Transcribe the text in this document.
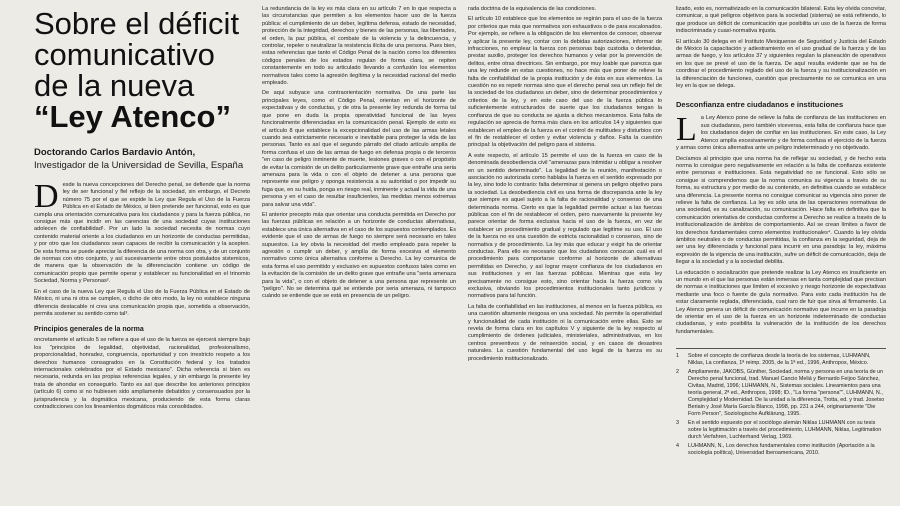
Sobre el déficit
comunicativo
de la nueva
“Ley Atenco”
Doctorando Carlos Bardavio Antón,
Investigador de la Universidad de Sevilla, España
D esde la nueva concepciones del Derecho penal, se defiende que la norma ley de ser funcional y fiel reflejo de la sociedad, sin embargo, el Decreto número 75 por el que se expide la Ley que Regula el Uso de la Fuerza Pública en el Estado de México, si bien pretende ser funcional, esto es que cumpla una orientación comunicativa para los ciudadanos y para la fuerza pública, no consigue más que incidir en las carencias de una sociedad cuyas instituciones adolecen de confiabilidad¹. Por un lado la sociedad necesita de normas cuyo contenido material oriente a los ciudadanos en un horizonte de conductas permitidas, y por otro que los ciudadanos sean capaces de recibir la comunicación y la acepten. De esta forma se puede apreciar la diferencia de una norma con otra, y de un conjunto de normas con otro conjunto, y así sucesivamente entre otros postulados sistemicos, de manera que la observación de la diferenciación contiene un código de comunicación propio que permite operar y establecer su funcionalidad en el trinomio Sociedad, Norma y Personas².

En el caso de la nueva Ley que Regula el Uso de la Fuerza Pública en el Estado de México, ni una ni otra se cumplen, o dicho de otro modo, la ley no establece ninguna diferencia destacable ni crea una comunicación propia que, sometida a observación, permita sostener su sentido como tal³.

Principios generales de la norma

oncretamente el artículo 5 se refiere a que el uso de la fuerza se ejercerá siempre bajo los "principios de legalidad, objetividad, racionalidad, profesionalismo, proporcionalidad, honradez, congruencia, oportunidad y con irrestricto respeto a los derechos humanos consagrados en la Constitución federal y los tratados internacionales celebrados por el Estado mexicano". Dicha referencia si bien es necesaria, redunda en las propias referencias legales, y sin embargo la presente ley trata de ahondar en conseguirlo. Tanto es así que describe los anteriores principios (artículo 6) como si no hubiesen sido ampliamente debatidos y consensuados por la jurisprudencia y la dogmática mexicana, produciendo de esta forma claras contradicciones con los lineamientos dogmáticos más consolidados.

La redundancia de la ley es más clara en su artículo 7 en lo que respecta a las circunstancias que permiten a los elementos hacer uso de la fuerza pública: el cumplimiento de un deber, legítima defensa, estado de necesidad, protección de la integridad, derechos y bienes de las personas, las libertades, el orden, la paz pública, el combate de la violencia y la delincuencia, y controlar, repeler o neutralizar la resistencia ilícita de una persona. Pues bien, estas referencias que tanto el Código Penal de la nación como los diferentes códigos penales de los estados regulan de forma clara, se repiten constantemente en todo su articulado llevando a confusión los elementos normativos tales como la agresión ilegítima y la necesidad racional del medio empleado.

De aquí subyace una contraorientación normativa. De una parte las principales leyes, como el Código Penal, orientan en el horizonte de expectativas y de conductas, y de otra la presente ley redunda de forma tal que pone en duda la propia operatividad funcional de las leyes funcionalmente diferenciadas en la comunicación penal. Ejemplo de esto es el artículo 8 que establece la excepcionalidad del uso de las armas letales cuando sea estrictamente necesario e inevitable para proteger la vida de las personas. Tanto es así que el segundo párrafo del citado artículo amplía de forma confusa el uso de las armas de fuego en defensa propia o de terceros "en caso de peligro inminente de muerte, lesiones graves o con el propósito de evitar la comisión de un delito particularmente grave que entrañe una seria amenaza para la vida o con el objeto de detener a una persona que represente ese peligro y oponga resistencia a su autoridad o por impedir su fuga que, en su huida, ponga en riesgo real, inminente y actual la vida de una persona y en el caso de resultar insuficientes, las medidas menos extremas para salvar una vida".

El anterior precepto más que orientar una conducta permitida en Derecho por las fuerzas públicas en relación a un horizonte de conductas alternativas, establece una única alternativa en el caso de los supuestos contemplados. Es evidente que el uso de armas de fuego no siempre será necesario en tales supuestos. La ley obvia la necesidad del medio empleado para repeler la agresión o cumplir un deber, y amplía de forma excesiva el elemento normativo como única alternativa conforme a Derecho. La ley comunica de esta forma el uso permitido y exclusivo en supuestos confusos tales como en la evitación de la comisión de un delito grave que entrañe una "seria amenaza para la vida", o con el objeto de detener a una persona que represente un "peligro". No se determina qué se entiende por seria amenaza, ni tampoco cuándo se entiende que se está en presencia de un peligro.

rada doctrina de la equivalencia de las condiciones.

El artículo 10 establece que los elementos se regirán para el uso de la fuerza por criterios que más que normativos son exhaustivos o de para escalonados. Por ejemplo, se refiere a la obligación de los elementos de conocer, observar y aplicar la presente ley, contar con la debidas autorizaciones, informar de infracciones, no emplear la fuerza con personas bajo custodia o detenidas, prestar auxilio, proteger los derechos humanos y velar por la prevención de delitos, entre otras directrices. Sin embargo, por muy loable que parezca que una ley redunde en estas cuestiones, no hace más que poner de relieve la falta de confiabilidad de la propia institución y de ésta en sus elementos. La cuestión no es repetir normas sino que el derecho penal sea un reflejo fiel de la sociedad de los ciudadanos un deber, sino de determinar procedimientos y criterios de la ley, y en este caso del uso de la fuerza pública lo suficientemente estructurados de suerte que los ciudadanos tengan la confianza de que su conducta se ajusta a dichos mecanismos. Esta falta de regulación se aprecia de forma más clara en los artículos 14 y siguientes que establecen el empleo de la fuerza en el control de multitudes y disturbios con el fin de restablecer el orden y evitar violencia y daños. Falta la cuestión principal: la objetivación del peligro para el sistema.

A este respecto, el artículo 15 permite el uso de la fuerza en caso de la denominada desobediencia civil "amenazas para intimidar u obligar a resolver en un sentido determinado". La legalidad de la reunión, manifestación o asociación no autorizada como hablaba la fuerza en el sentido expresado por la ley, sino todo lo contrario: falta determinar si genera un peligro objetivo para la sociedad. La desobediencia civil es una forma de discrepancia ante la ley que siempre es aquel sujeto a la falta de racionalidad y consenso de una determinada norma. Cierto es que la legalidad permite actuar a las fuerzas públicas con el fin de restablecer el orden, pero nuevamente la presente ley parece orientar de forma exclusiva hacia el uso de la fuerza, en vez de establecer un procedimiento gradual y regulado que legitime su uso. El uso de la fuerza no es una cuestión de estricta racionalidad o consenso, sino de normativa y de procedimiento. La ley más que educar y exigir ha de orientar conductas. Para ello es necesario que los ciudadanos conozcan cuál es el procedimiento para comportarse conforme al horizonte de alternativas permitidas en Derecho, y así lograr mayor confianza de los ciudadanos en sus instituciones y en las fuerzas públicas. Mientras que esta ley precisamente no consigue esto, sino orientar hacia la fuerza como vía exclusiva, obviando los procedimientos institucionales tanto jurídicos y normativos para tal función.

La falta de confiabilidad en las instituciones, al menos en la fuerza pública, es una cuestión altamente riesgosa en una sociedad. No permite la operatividad y funcionalidad de cada institución ni la comunicación entre ellas. Esto se revela de forma clara en los capítulos V y siguiente de la ley respecto al cumplimiento de órdenes judiciales, ministeriales, administrativas, en los centros preventivos y de reinserción social, y en casos de desastres naturales. La cuestión fundamental del uso legal de la fuerza es su procedimiento institucionalizado.

lizado, esto es, normativizado en la comunicación bilateral. Esta ley olvida concretar, comunicar, a qué peligros objetivos para la sociedad (sistema) se está refiriendo, lo que produce un déficit de comunicación que posibilita un uso de la fuerza de forma indiscriminada y cuasi-normativa injusta.

El artículo 30 delega en el Instituto Mexiquense de Seguridad y Justicia del Estado de México la capacitación y adiestramiento en el uso gradual de la fuerza y de las armas de fuego, y los artículos 37 y siguientes regulan la planeación de operativos en los que se prevé el uso de la fuerza. De aquí resulta evidente que se ha de coordinar el procedimiento reglado del uso de la fuerza y su institucionalización en la diferenciación de funciones, cuestión que precisamente no se comunica en una ley en la que se delega.

Desconfianza entre ciudadanos e instituciones
L a Ley Atenco pone de relieve la falta de confianza de las instituciones en sus ciudadanos, pero también viceversa, esta falta de confianza hace que los ciudadanos dejen de confiar en las instituciones. En este caso, la Ley Atenco amplía excesivamente y de forma confusa el ejercicio de la fuerza y armas como única alternativa ante un peligro indeterminado y no objetivado.

Decíamos al principio que una norma ha de reflejar su sociedad, y de hecho esta norma lo consigue pero negativamente en relación a la falta de confianza existente entre personas e instituciones. Esta negatividad no se funcional. Esto sólo se consigue si comprendemos que la norma comunica su vigencia a través de su forma, su estructura y por medio de su contenido, en definitiva cuando se establece una diferencia. La presente norma no consigue comunicar su vigencia sino poner de relieve la falta de confianza. La ley es sólo una de las operaciones normativas de una sociedad, es su canalización, su comunicación. Hace falta en definitiva que la comunicación orientativa de conductas conforme a Derecho se realice a través de la institucionalización de ámbitos de comportamiento. Así se crean límites a favor de los derechos fundamentales como elementos institucionales⁴. Cuando la ley olvida ámbitos neutrales o de conductas permitidas, la confianza en la seguridad, deja de ser una ley diferenciada y funcional para incurrir en una paradoja: la ley, máxima expresión de la vigencia de una institución, sufre un déficit de comunicación, deja de llegar a la sociedad y a la sociedad debilita.

La educación o socialización que pretende realizar la Ley Atenco es insuficiente en un mundo en el que las personas están inmersas en tanta complejidad que precisan de normas e instituciones que limiten el excesivo y riesgo horizonte de expectativas mediante una foco o fuente de guía normativo. Para esto cada institución ha de estar claramente reglada, diferenciada, cual raro de fuir que sirva al firmamento. La Ley Atenco genera un déficit de comunicación normativo que incurre en la paradoja de orientar en el uso de la fuerza en un horizonte indeterminado de conductas ciudadanas, y esto posibilita la vulneración de la institución de los derechos fundamentales.

1	Sobre el concepto de confianza desde la teoría de los sistemas, LUHMANN, Niklas, La confianza, 1ª reimp. 2005, de la 1ª ed., 1996, Anthropos, México.
2	Ampliamente, JAKOBS, Günther, Sociedad, norma y persona en una teoría de un Derecho penal funcional, trad. Manuel Cancio Meliá y Bernardo Feijoo Sánchez, Civitas, Madrid, 1996; LUHMANN, N., Sistemas sociales. Lineamientos para una teoría general, 2ª ed., Anthropos, 1998; ID., "La forma "persona"", LUHMANN, N., Complejidad y Modernidad. De la unidad a la diferencia, Trotta, ed. y trad. Josetxo Beriain y José María García Blanco, 1998, pp. 231 a 244, originariamente "Die Form Person", Soziologische Aufklärung, 1995.
3	En el sentido expuesto por el sociólogo alemán Niklas LUHMANN con su tesis sobre la legitimación a través del procedimiento, LUHMANN, Niklas, Legitimation durch Verfahren, Luchterhand Verlag, 1969.
4	LUHMANN, N., Los derechos fundamentales como institución (Aportación a la sociología política), Universidad Iberoamericana, 2010.
